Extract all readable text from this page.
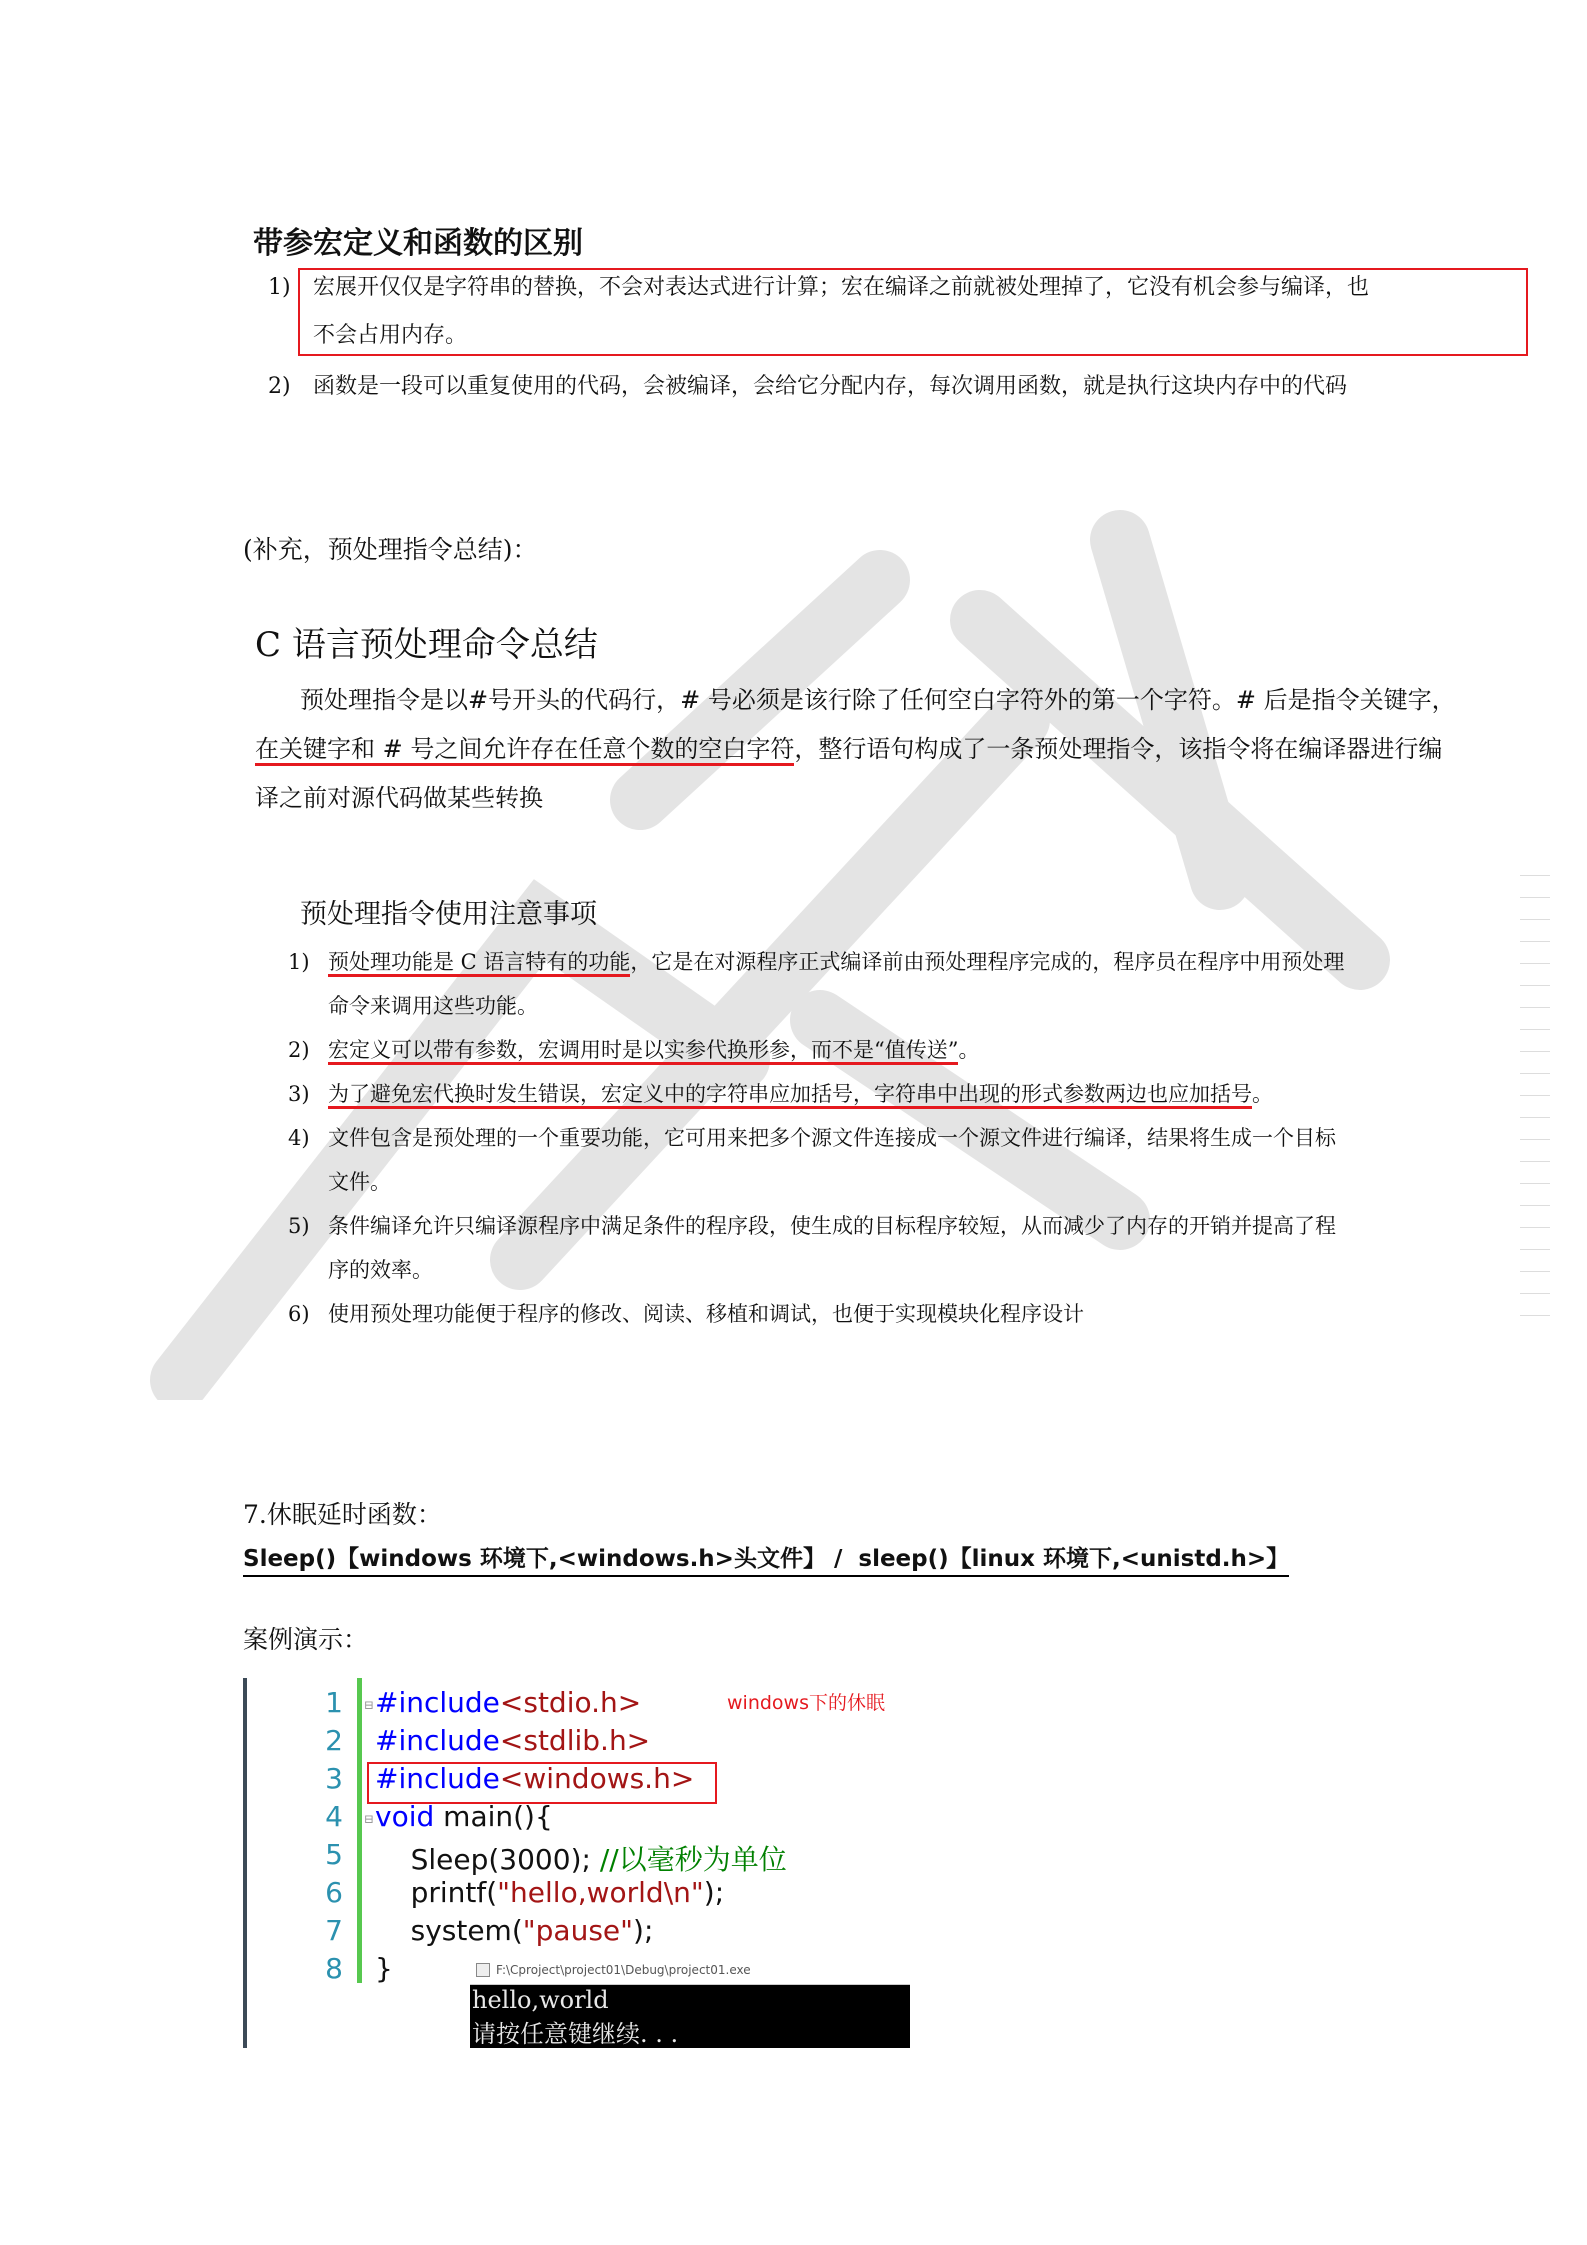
带参宏定义和函数的区别
1) 宏展开仅仅是字符串的替换，不会对表达式进行计算；宏在编译之前就被处理掉了，它没有机会参与编译，也
不会占用内存。
2) 函数是一段可以重复使用的代码，会被编译，会给它分配内存，每次调用函数，就是执行这块内存中的代码
(补充，预处理指令总结)：
C 语言预处理命令总结
预处理指令是以#号开头的代码行，# 号必须是该行除了任何空白字符外的第一个字符。# 后是指令关键字，
在关键字和 # 号之间允许存在任意个数的空白字符，整行语句构成了一条预处理指令，该指令将在编译器进行编
译之前对源代码做某些转换
预处理指令使用注意事项
1) 预处理功能是 C 语言特有的功能，它是在对源程序正式编译前由预处理程序完成的，程序员在程序中用预处理
命令来调用这些功能。
2) 宏定义可以带有参数，宏调用时是以实参代换形参，而不是“值传送”。
3) 为了避免宏代换时发生错误，宏定义中的字符串应加括号，字符串中出现的形式参数两边也应加括号。
4) 文件包含是预处理的一个重要功能，它可用来把多个源文件连接成一个源文件进行编译，结果将生成一个目标
文件。
5) 条件编译允许只编译源程序中满足条件的程序段，使生成的目标程序较短，从而减少了内存的开销并提高了程
序的效率。
6) 使用预处理功能便于程序的修改、阅读、移植和调试，也便于实现模块化程序设计
7.休眠延时函数：
Sleep()【windows 环境下,<windows.h>头文件】 /  sleep()【linux 环境下,<unistd.h>】
案例演示：
1
2
3
4
5
6
7
8
⊟
⊟
#include<stdio.h>
#include<stdlib.h>
#include<windows.h>
void main(){
Sleep(3000); //以毫秒为单位
printf("hello,world\n");
system("pause");
}
windows下的休眠
F:\Cproject\project01\Debug\project01.exe
hello,world
请按任意键继续. . .
